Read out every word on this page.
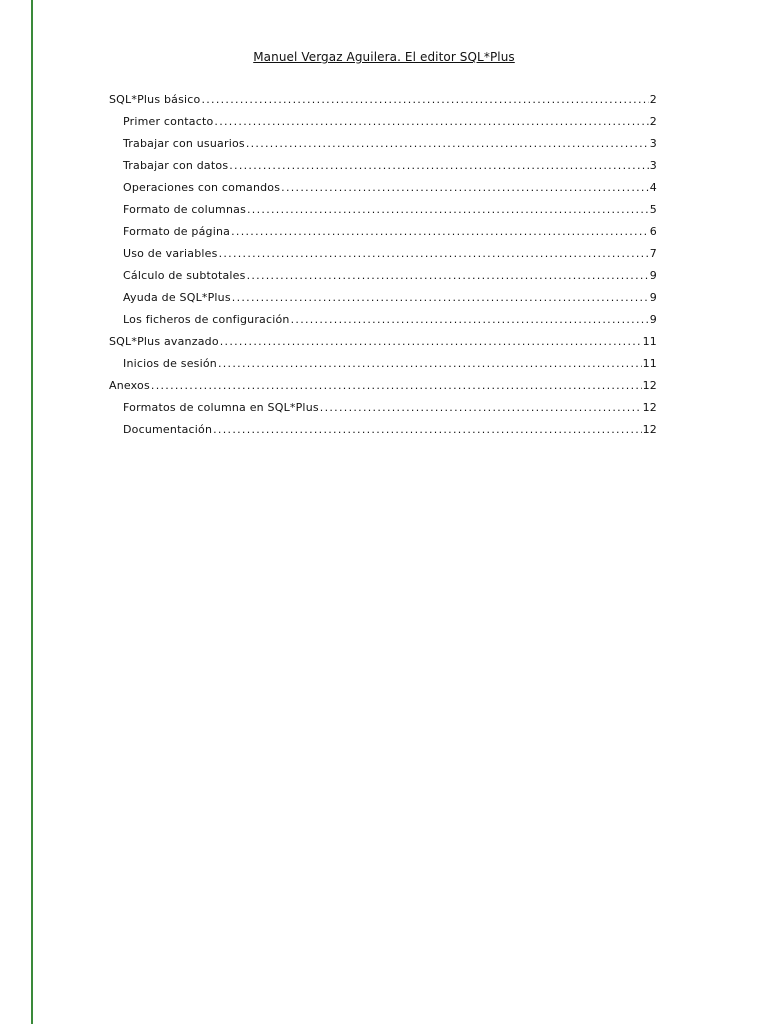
Manuel Vergaz Aguilera. El editor SQL*Plus
SQL*Plus básico .....	2
Primer contacto .....	2
Trabajar con usuarios .....	3
Trabajar con datos .....	3
Operaciones con comandos .....	4
Formato de columnas .....	5
Formato de página .....	6
Uso de variables .....	7
Cálculo de subtotales .....	9
Ayuda de SQL*Plus .....	9
Los ficheros de configuración .....	9
SQL*Plus avanzado .....	11
Inicios de sesión .....	11
Anexos .....	12
Formatos de columna en SQL*Plus .....	12
Documentación .....	12
